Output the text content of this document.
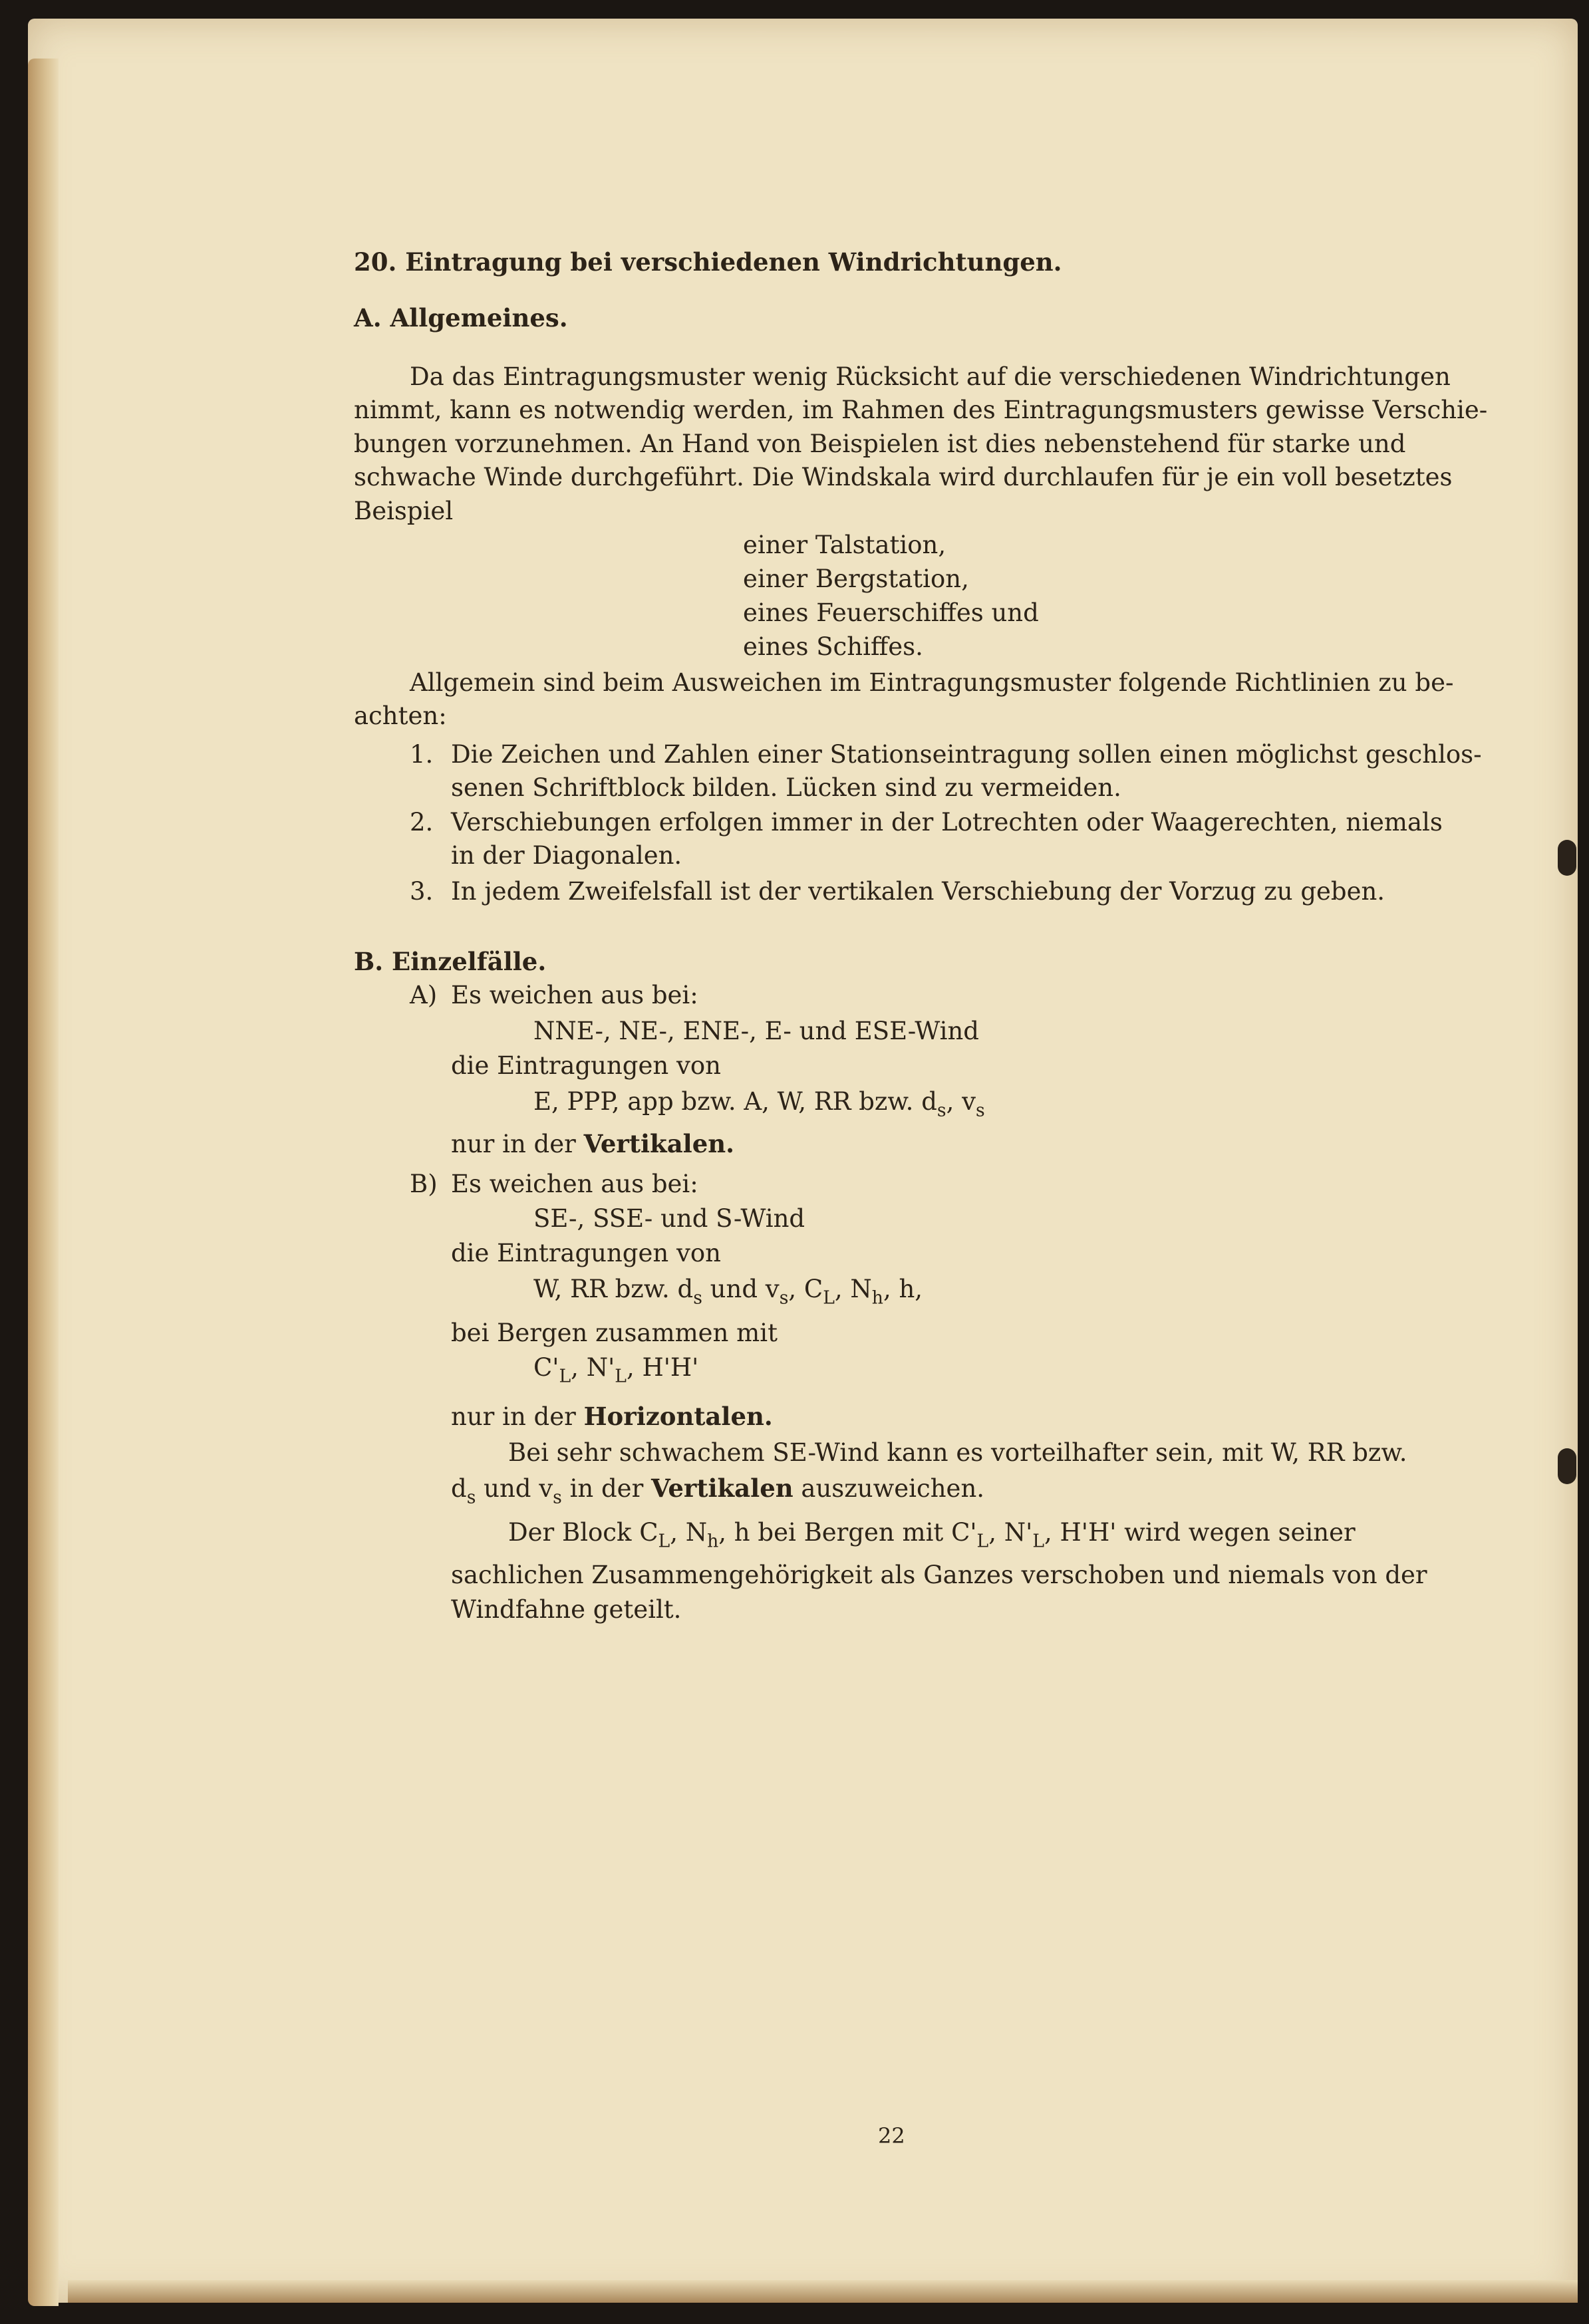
20. Eintragung bei verschiedenen Windrichtungen.
A. Allgemeines.
Da das Eintragungsmuster wenig Rücksicht auf die verschiedenen Windrichtungen
nimmt, kann es notwendig werden, im Rahmen des Eintragungsmusters gewisse Verschie-
bungen vorzunehmen. An Hand von Beispielen ist dies nebenstehend für starke und
schwache Winde durchgeführt. Die Windskala wird durchlaufen für je ein voll besetztes
Beispiel
einer Talstation,
einer Bergstation,
eines Feuerschiffes und
eines Schiffes.
Allgemein sind beim Ausweichen im Eintragungsmuster folgende Richtlinien zu be-
achten:
1. Die Zeichen und Zahlen einer Stationseintragung sollen einen möglichst geschlos-
senen Schriftblock bilden. Lücken sind zu vermeiden.
2. Verschiebungen erfolgen immer in der Lotrechten oder Waagerechten, niemals
in der Diagonalen.
3. In jedem Zweifelsfall ist der vertikalen Verschiebung der Vorzug zu geben.
B. Einzelfälle.
A) Es weichen aus bei:
NNE-, NE-, ENE-, E- und ESE-Wind
die Eintragungen von
E, PPP, app bzw. A, W, RR bzw. $d_s$, $v_s$
nur in der Vertikalen.
B) Es weichen aus bei:
SE-, SSE- und S-Wind
die Eintragungen von
W, RR bzw. $d_s$ und $v_s$, $C_L$, $N_h$, h,
bei Bergen zusammen mit
$C'_L$, $N'_L$, H'H'
nur in der Horizontalen.
Bei sehr schwachem SE-Wind kann es vorteilhafter sein, mit W, RR bzw.
$d_s$ und $v_s$ in der Vertikalen auszuweichen.
Der Block $C_L$, $N_h$, h bei Bergen mit $C'_L$, $N'_L$, H'H' wird wegen seiner
sachlichen Zusammengehörigkeit als Ganzes verschoben und niemals von der
Windfahne geteilt.
22
